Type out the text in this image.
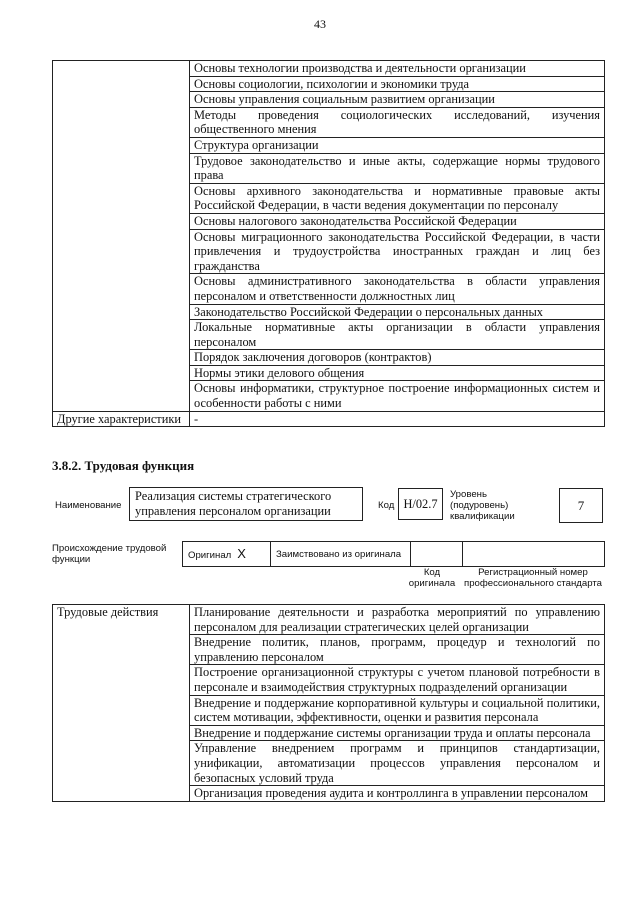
43
	Основы технологии производства и деятельности организации
	Основы социологии, психологии и экономики труда
	Основы управления социальным развитием организации
	Методы проведения социологических исследований, изучения общественного мнения
	Структура организации
	Трудовое законодательство и иные акты, содержащие нормы трудового права
	Основы архивного законодательства и нормативные правовые акты Российской Федерации, в части ведения документации по персоналу
	Основы налогового законодательства Российской Федерации
	Основы миграционного законодательства Российской Федерации, в части привлечения и трудоустройства иностранных граждан и лиц без гражданства
	Основы административного законодательства в области управления персоналом и ответственности должностных лиц
	Законодательство Российской Федерации о персональных данных
	Локальные нормативные акты организации в области управления персоналом
	Порядок заключения договоров (контрактов)
	Нормы этики делового общения
	Основы информатики, структурное построение информационных систем и особенности работы с ними
Другие характеристики	-
3.8.2. Трудовая функция
Наименование
Реализация системы стратегического управления персоналом организации	Код H/02.7
Уровень (подуровень) квалификации
7
Происхождение трудовой функции	Оригинал X	Заимствовано из оригинала		
Код оригинала
Регистрационный номер профессионального стандарта
Трудовые действия	Планирование деятельности и разработка мероприятий по управлению персоналом для реализации стратегических целей организации
Внедрение политик, планов, программ, процедур и технологий по управлению персоналом
Построение организационной структуры с учетом плановой потребности в персонале и взаимодействия структурных подразделений организации
Внедрение и поддержание корпоративной культуры и социальной политики, систем мотивации, эффективности, оценки и развития персонала
Внедрение и поддержание системы организации труда и оплаты персонала
Управление внедрением программ и принципов стандартизации, унификации, автоматизации процессов управления персоналом и безопасных условий труда
Организация проведения аудита и контроллинга в управлении персоналом
